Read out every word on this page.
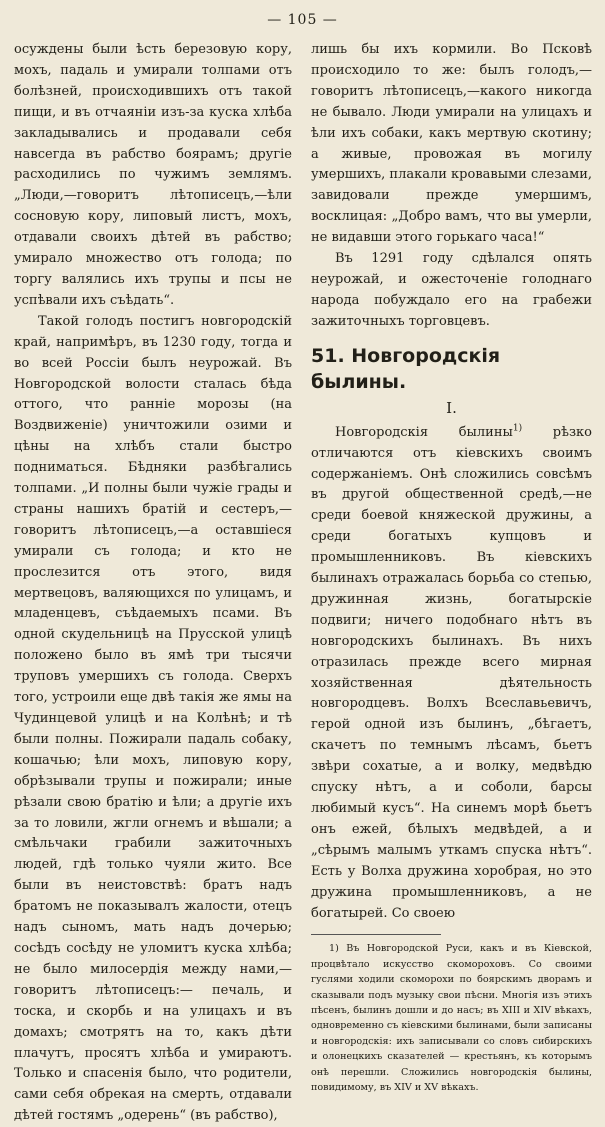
— 105 —

осуждены были ѣсть березовую кору, мохъ, падаль и умирали толпами отъ болѣзней, происходившихъ отъ такой пищи, и въ отчаяніи изъ-за куска хлѣба закладывались и продавали себя навсегда въ рабство боярамъ; другіе расходились по чужимъ землямъ. „Люди,—говоритъ лѣтописецъ,—ѣли сосновую кору, липовый листъ, мохъ, отдавали своихъ дѣтей въ рабство; умирало множество отъ голода; по торгу валялись ихъ трупы и псы не успѣвали ихъ съѣдать“.

Такой голодъ постигъ новгородскій край, напримѣръ, въ 1230 году, тогда и во всей Россіи былъ неурожай. Въ Новгородской волости сталась бѣда оттого, что ранніе морозы (на Воздвиженіе) уничтожили озими и цѣны на хлѣбъ стали быстро подниматься. Бѣдняки разбѣгались толпами. „И полны были чужіе грады и страны нашихъ братій и сестеръ,— говоритъ лѣтописецъ,—а оставшіеся умирали съ голода; и кто не прослезится отъ этого, видя мертвецовъ, валяющихся по улицамъ, и младенцевъ, съѣдаемыхъ псами. Въ одной скудельницѣ на Прусской улицѣ положено было въ ямѣ три тысячи труповъ умершихъ съ голода. Сверхъ того, устроили еще двѣ такія же ямы на Чудинцевой улицѣ и на Колѣнѣ; и тѣ были полны. Пожирали падаль собаку, кошачью; ѣли мохъ, липовую кору, обрѣзывали трупы и пожирали; иные рѣзали свою братію и ѣли; а другіе ихъ за то ловили, жгли огнемъ и вѣшали; а смѣльчаки грабили зажиточныхъ людей, гдѣ только чуяли жито. Все были въ неистовствѣ: братъ надъ братомъ не показывалъ жалости, отецъ надъ сыномъ, мать надъ дочерью; сосѣдъ сосѣду не уломитъ куска хлѣба; не было милосердія между нами,—говоритъ лѣтописецъ:— печаль, и тоска, и скорбь и на улицахъ и въ домахъ; смотрятъ на то, какъ дѣти плачутъ, просятъ хлѣба и умираютъ. Только и спасенія было, что родители, сами себя обрекая на смерть, отдавали дѣтей гостямъ „одерень“ (въ рабство),

лишь бы ихъ кормили. Во Псковѣ происходило то же: былъ голодъ,—говоритъ лѣтописецъ,—какого никогда не бывало. Люди умирали на улицахъ и ѣли ихъ собаки, какъ мертвую скотину; а живые, провожая въ могилу умершихъ, плакали кровавыми слезами, завидовали прежде умершимъ, восклицая: „Добро вамъ, что вы умерли, не видавши этого горькаго часа!“

Въ 1291 году сдѣлался опять неурожай, и ожесточеніе голоднаго народа побуждало его на грабежи зажиточныхъ торговцевъ.

51. Новгородскія былины.
I.

Новгородскія былины$^{1)}$ рѣзко отличаются отъ кіевскихъ своимъ содержаніемъ. Онѣ сложились совсѣмъ въ другой общественной средѣ,—не среди боевой княжеской дружины, а среди богатыхъ купцовъ и промышленниковъ. Въ кіевскихъ былинахъ отражалась борьба со степью, дружинная жизнь, богатырскіе подвиги; ничего подобнаго нѣтъ въ новгородскихъ былинахъ. Въ нихъ отразилась прежде всего мирная хозяйственная дѣятельность новгородцевъ. Волхъ Всеславьевичъ, герой одной изъ былинъ, „бѣгаетъ, скачетъ по темнымъ лѣсамъ, бьетъ звѣри сохатые, а и волку, медвѣдю спуску нѣтъ, а и соболи, барсы любимый кусъ“. На синемъ морѣ бьетъ онъ ежей, бѣлыхъ медвѣдей, а и „сѣрымъ малымъ уткамъ спуска нѣтъ“. Есть у Волха дружина хоробрая, но это дружина промышленниковъ, а не богатырей. Со своею

1) Въ Новгородской Руси, какъ и въ Кіевской, процвѣтало искусство скомороховъ. Со своими гуслями ходили скоморохи по боярскимъ дворамъ и сказывали подъ музыку свои пѣсни. Многія изъ этихъ пѣсенъ, былинъ дошли и до насъ; въ XIII и XIV вѣкахъ, одновременно съ кіевскими былинами, были записаны и новгородскія: ихъ записывали со словъ сибирскихъ и олонецкихъ сказателей — крестьянъ, къ которымъ онѣ перешли. Сложились новгородскія былины, повидимому, въ XIV и XV вѣкахъ.
